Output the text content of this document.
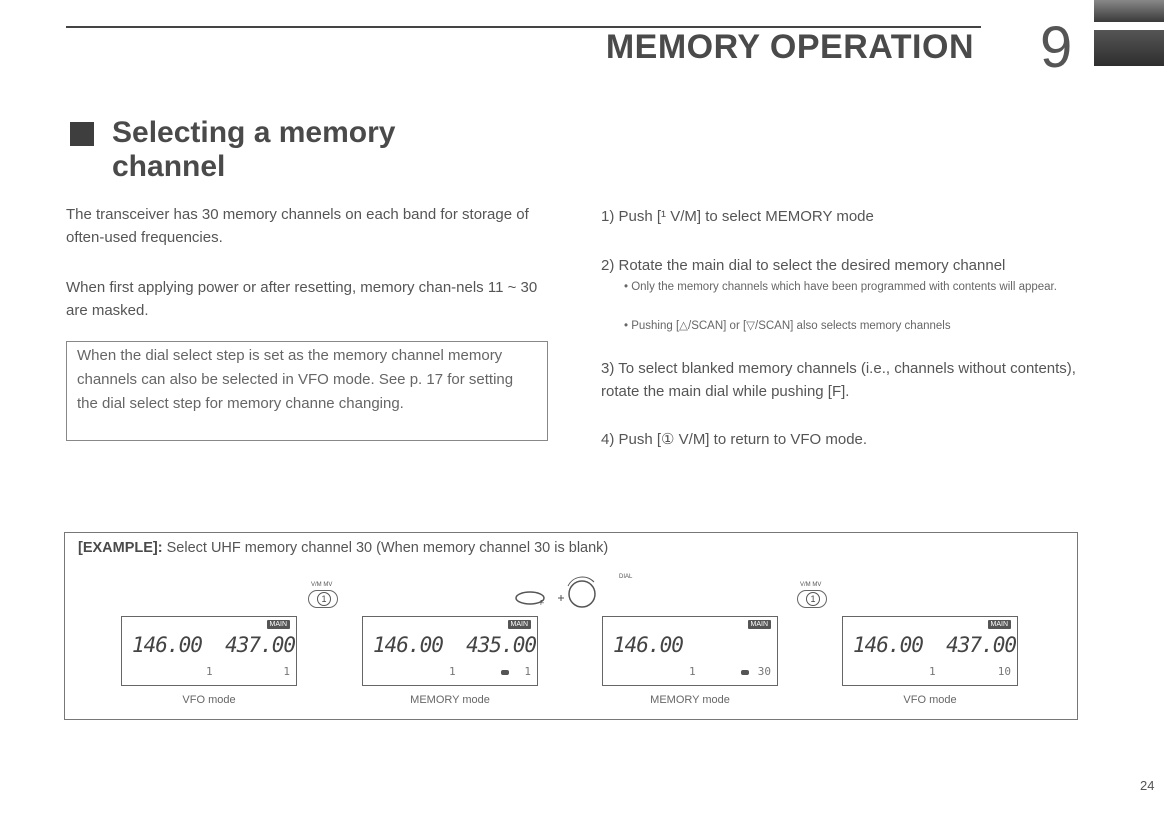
MEMORY OPERATION 9
Selecting a memory
channel
The transceiver has 30 memory channels on each band for storage of often-used frequencies.
When first applying power or after resetting, memory chan-nels 11 ~ 30 are masked.
When the dial select step is set as the memory channel memory channels can also be selected in VFO mode. See p. 17 for setting the dial select step for memory channe changing.
1) Push [¹ V/M] to select MEMORY mode
2) Rotate the main dial to select the desired memory channel
• Only the memory channels which have been programmed with contents will appear.
• Pushing [△/SCAN] or [▽/SCAN] also selects memory channels
3) To select blanked memory channels (i.e., channels without contents), rotate the main dial while pushing [F].
4) Push [① V/M] to return to VFO mode.
[EXAMPLE]: Select UHF memory channel 30 (When memory channel 30 is blank)
V/M MV
1	F
DIAL
V/M MV
1
MAIN
146.00  437.00
1	1
VFO mode
MAIN
146.00  435.00
1	1
MEMORY mode
MAIN
146.00
1	30
MEMORY mode
MAIN
146.00  437.00
1	10
VFO mode
24
